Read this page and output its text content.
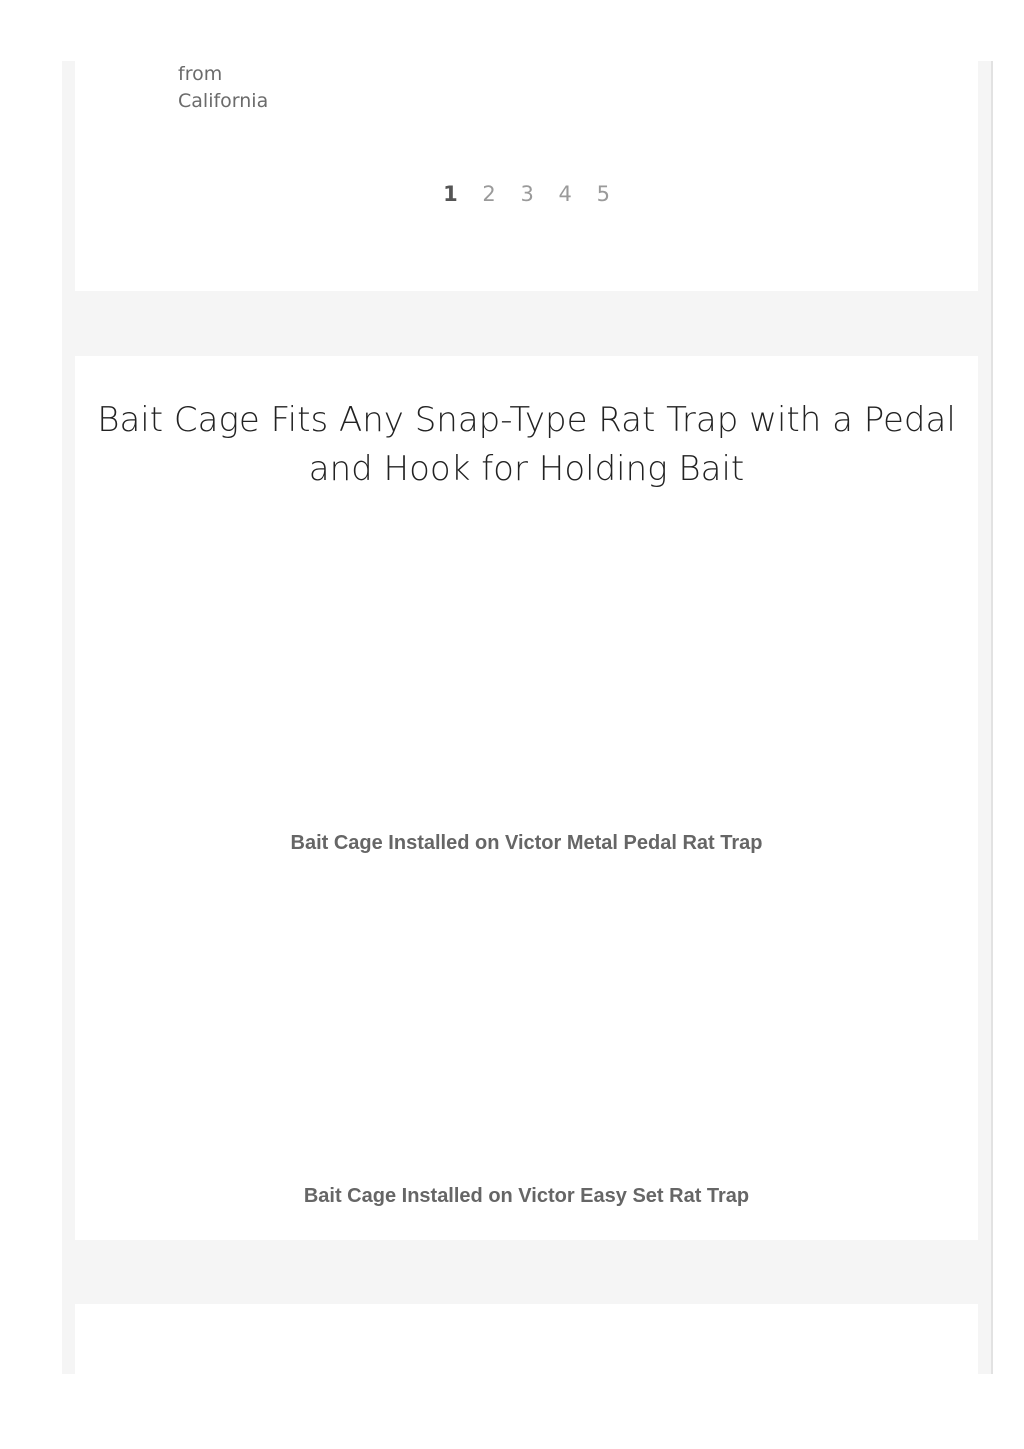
from
California
1 2 3 4 5
Bait Cage Fits Any Snap-Type Rat Trap with a Pedal and Hook for Holding Bait

Bait Cage Installed on Victor Metal Pedal Rat Trap

Bait Cage Installed on Victor Easy Set Rat Trap
